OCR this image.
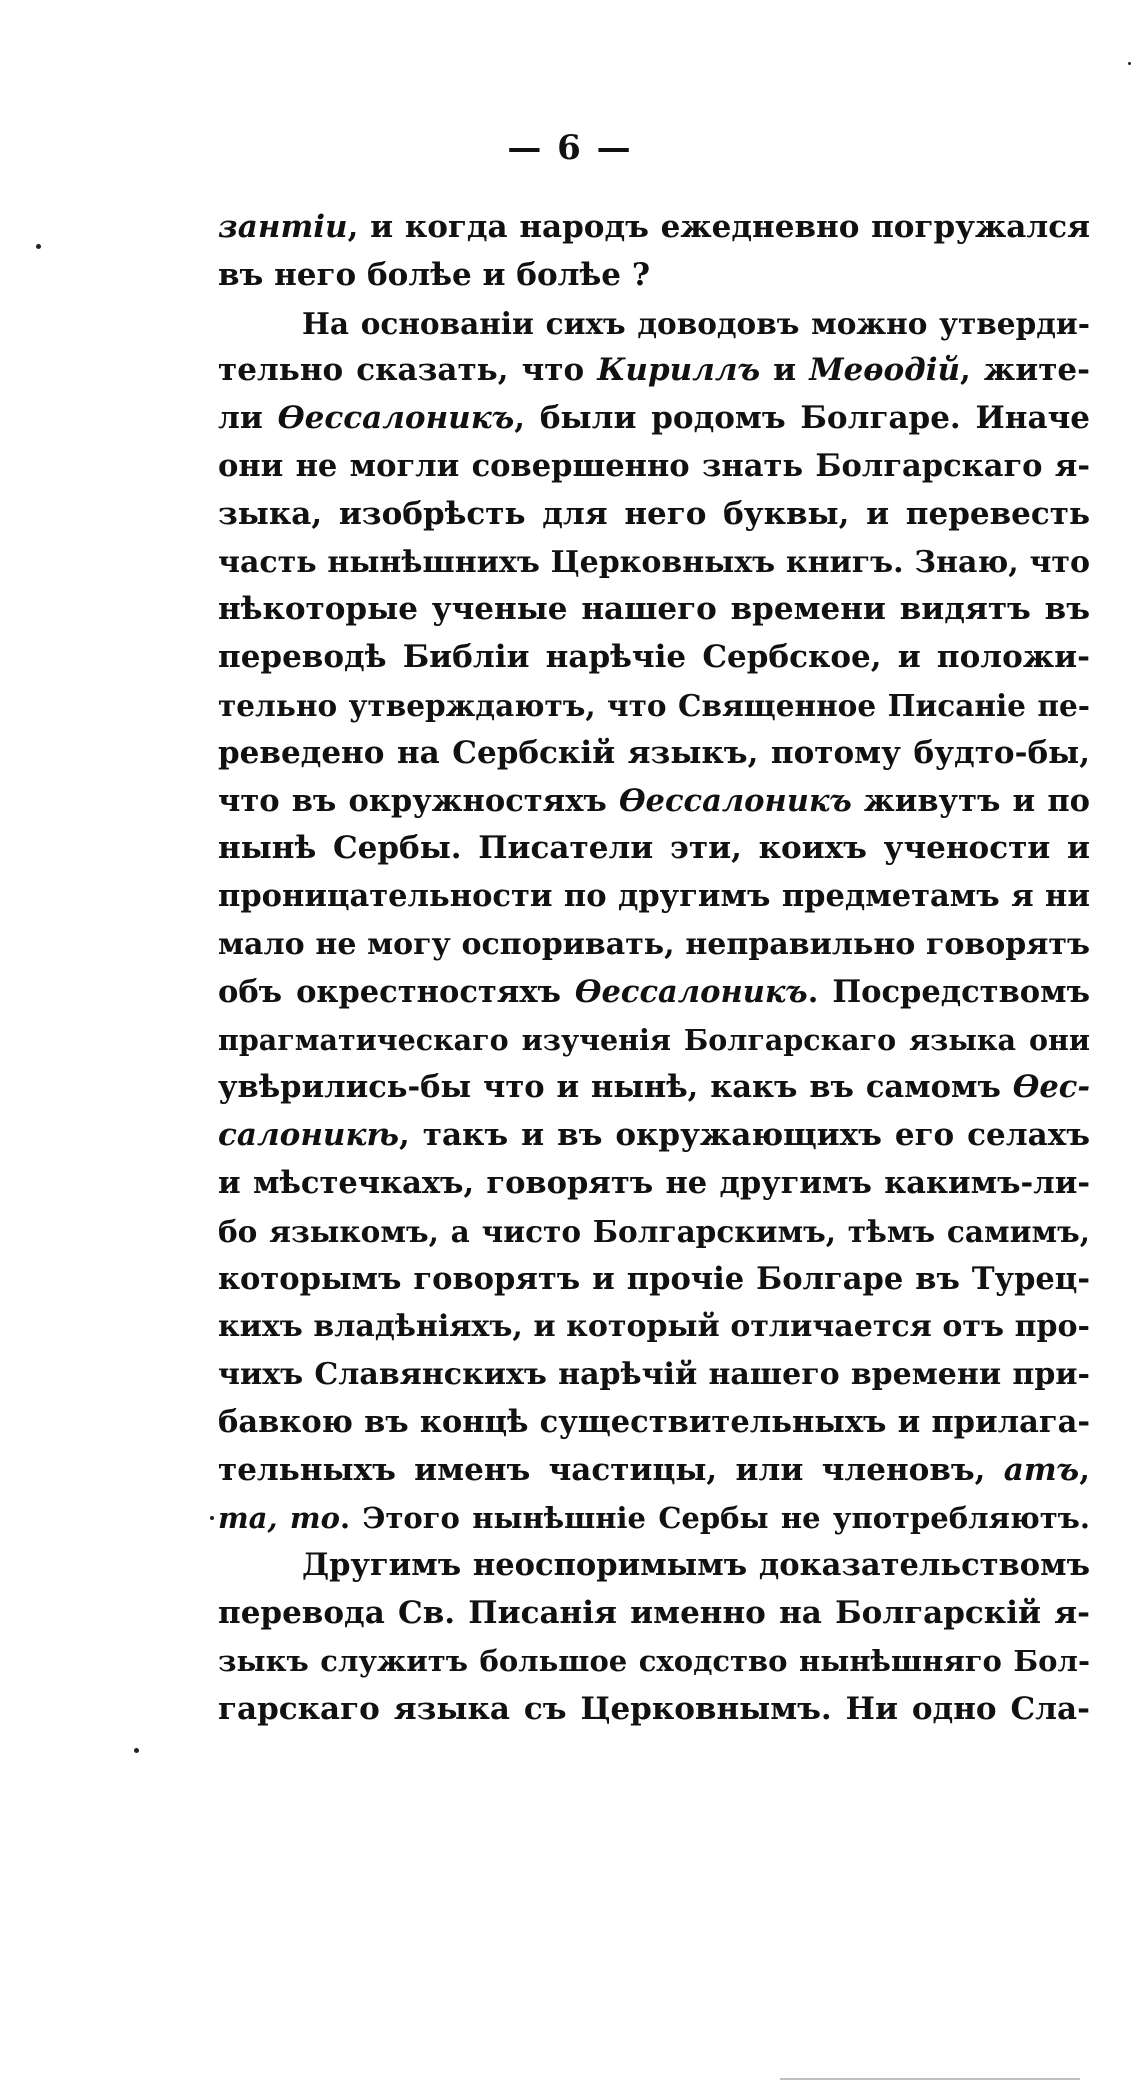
— 6 —
зантіи, и когда народъ ежедневно погружался
въ него болѣе и болѣе ?
На основаніи сихъ доводовъ можно утверди-
тельно сказать, что Кириллъ и Меѳодій, жите-
ли Ѳессалоникъ, были родомъ Болгаре. Иначе
они не могли совершенно знать Болгарскаго я-
зыка, изобрѣсть для него буквы, и перевесть
часть нынѣшнихъ Церковныхъ книгъ. Знаю, что
нѣкоторые ученые нашего времени видятъ въ
переводѣ Библіи нарѣчіе Сербское, и положи-
тельно утверждаютъ, что Священное Писаніе пе-
реведено на Сербскій языкъ, потому будто-бы,
что въ окружностяхъ Ѳессалоникъ живутъ и по
нынѣ Сербы. Писатели эти, коихъ учености и
проницательности по другимъ предметамъ я ни
мало не могу оспоривать, неправильно говорятъ
объ окрестностяхъ Ѳессалоникъ. Посредствомъ
прагматическаго изученія Болгарскаго языка они
увѣрились-бы что и нынѣ, какъ въ самомъ Ѳес-
салоникѣ, такъ и въ окружающихъ его селахъ
и мѣстечкахъ, говорятъ не другимъ какимъ-ли-
бо языкомъ, а чисто Болгарскимъ, тѣмъ самимъ,
которымъ говорятъ и прочіе Болгаре въ Турец-
кихъ владѣніяхъ, и который отличается отъ про-
чихъ Славянскихъ нарѣчій нашего времени при-
бавкою въ концѣ существительныхъ и прилага-
тельныхъ именъ частицы, или членовъ, атъ,
та, то. Этого нынѣшніе Сербы не употребляютъ.
Другимъ неоспоримымъ доказательствомъ
перевода Св. Писанія именно на Болгарскій я-
зыкъ служитъ большое сходство нынѣшняго Бол-
гарскаго языка съ Церковнымъ. Ни одно Сла-
